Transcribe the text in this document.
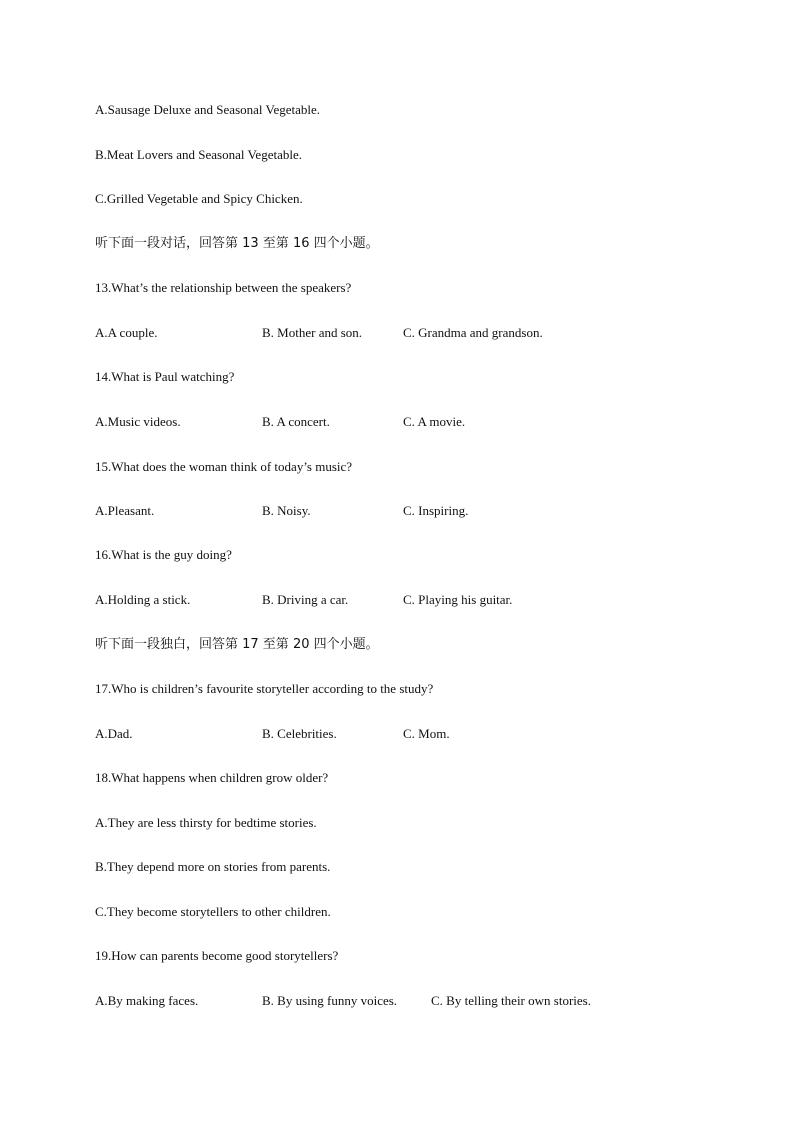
A.Sausage Deluxe and Seasonal Vegetable.
B.Meat Lovers and Seasonal Vegetable.
C.Grilled Vegetable and Spicy Chicken.
听下面一段对话，回答第 13 至第 16 四个小题。
13.What’s the relationship between the speakers?
A.A couple.	B. Mother and son.	C. Grandma and grandson.
14.What is Paul watching?
A.Music videos.	B. A concert.	C. A movie.
15.What does the woman think of today’s music?
A.Pleasant.	B. Noisy.	C. Inspiring.
16.What is the guy doing?
A.Holding a stick.	B. Driving a car.	C. Playing his guitar.
听下面一段独白，回答第 17 至第 20 四个小题。
17.Who is children’s favourite storyteller according to the study?
A.Dad.	B. Celebrities.	C. Mom.
18.What happens when children grow older?
A.They are less thirsty for bedtime stories.
B.They depend more on stories from parents.
C.They become storytellers to other children.
19.How can parents become good storytellers?
A.By making faces.	B. By using funny voices.	C. By telling their own stories.
